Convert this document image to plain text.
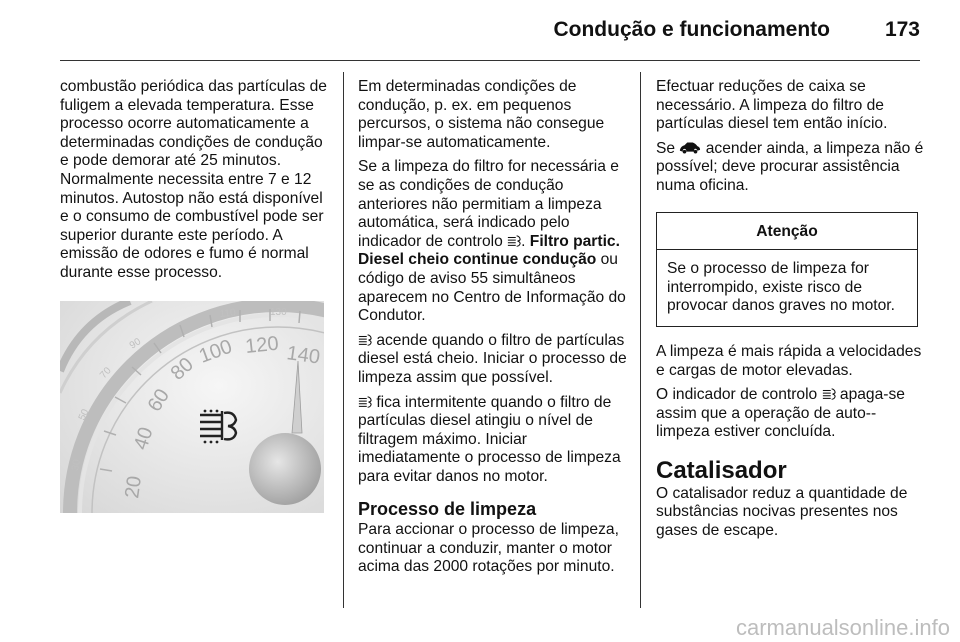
Condução e funcionamento	173
combustão periódica das partículas de fuligem a elevada temperatura. Esse processo ocorre automaticamente a determinadas condições de condução e pode demorar até 25 minutos.
Normalmente necessita entre 7 e 12 minutos. Autostop não está disponível e o consumo de combustível pode ser superior durante este período. A emissão de odores e fumo é normal durante esse processo.
30
50
70
90
110	130
20
40
60
80
100 120 140
Em determinadas condições de condução, p. ex. em pequenos percursos, o sistema não consegue limpar-se automaticamente.
Se a limpeza do filtro for necessária e se as condições de condução anteriores não permitiam a limpeza automática, será indicado pelo indicador de controlo . Filtro partic. Diesel cheio continue condução ou código de aviso 55 simultâneos aparecem no Centro de Informação do Condutor.
acende quando o filtro de partículas diesel está cheio. Iniciar o processo de limpeza assim que possível.
fica intermitente quando o filtro de partículas diesel atingiu o nível de filtragem máximo. Iniciar imediatamente o processo de limpeza para evitar danos no motor.
Processo de limpeza
Para accionar o processo de limpeza, continuar a conduzir, manter o motor acima das 2000 rotações por minuto.
Efectuar reduções de caixa se necessário. A limpeza do filtro de partículas diesel tem então início.
Se  acender ainda, a limpeza não é possível; deve procurar assistência numa oficina.
Atenção
Se o processo de limpeza for interrompido, existe risco de provocar danos graves no motor.
A limpeza é mais rápida a velocidades e cargas de motor elevadas.
O indicador de controlo  apaga-se assim que a operação de auto--limpeza estiver concluída.
Catalisador
O catalisador reduz a quantidade de substâncias nocivas presentes nos gases de escape.
carmanualsonline.info
